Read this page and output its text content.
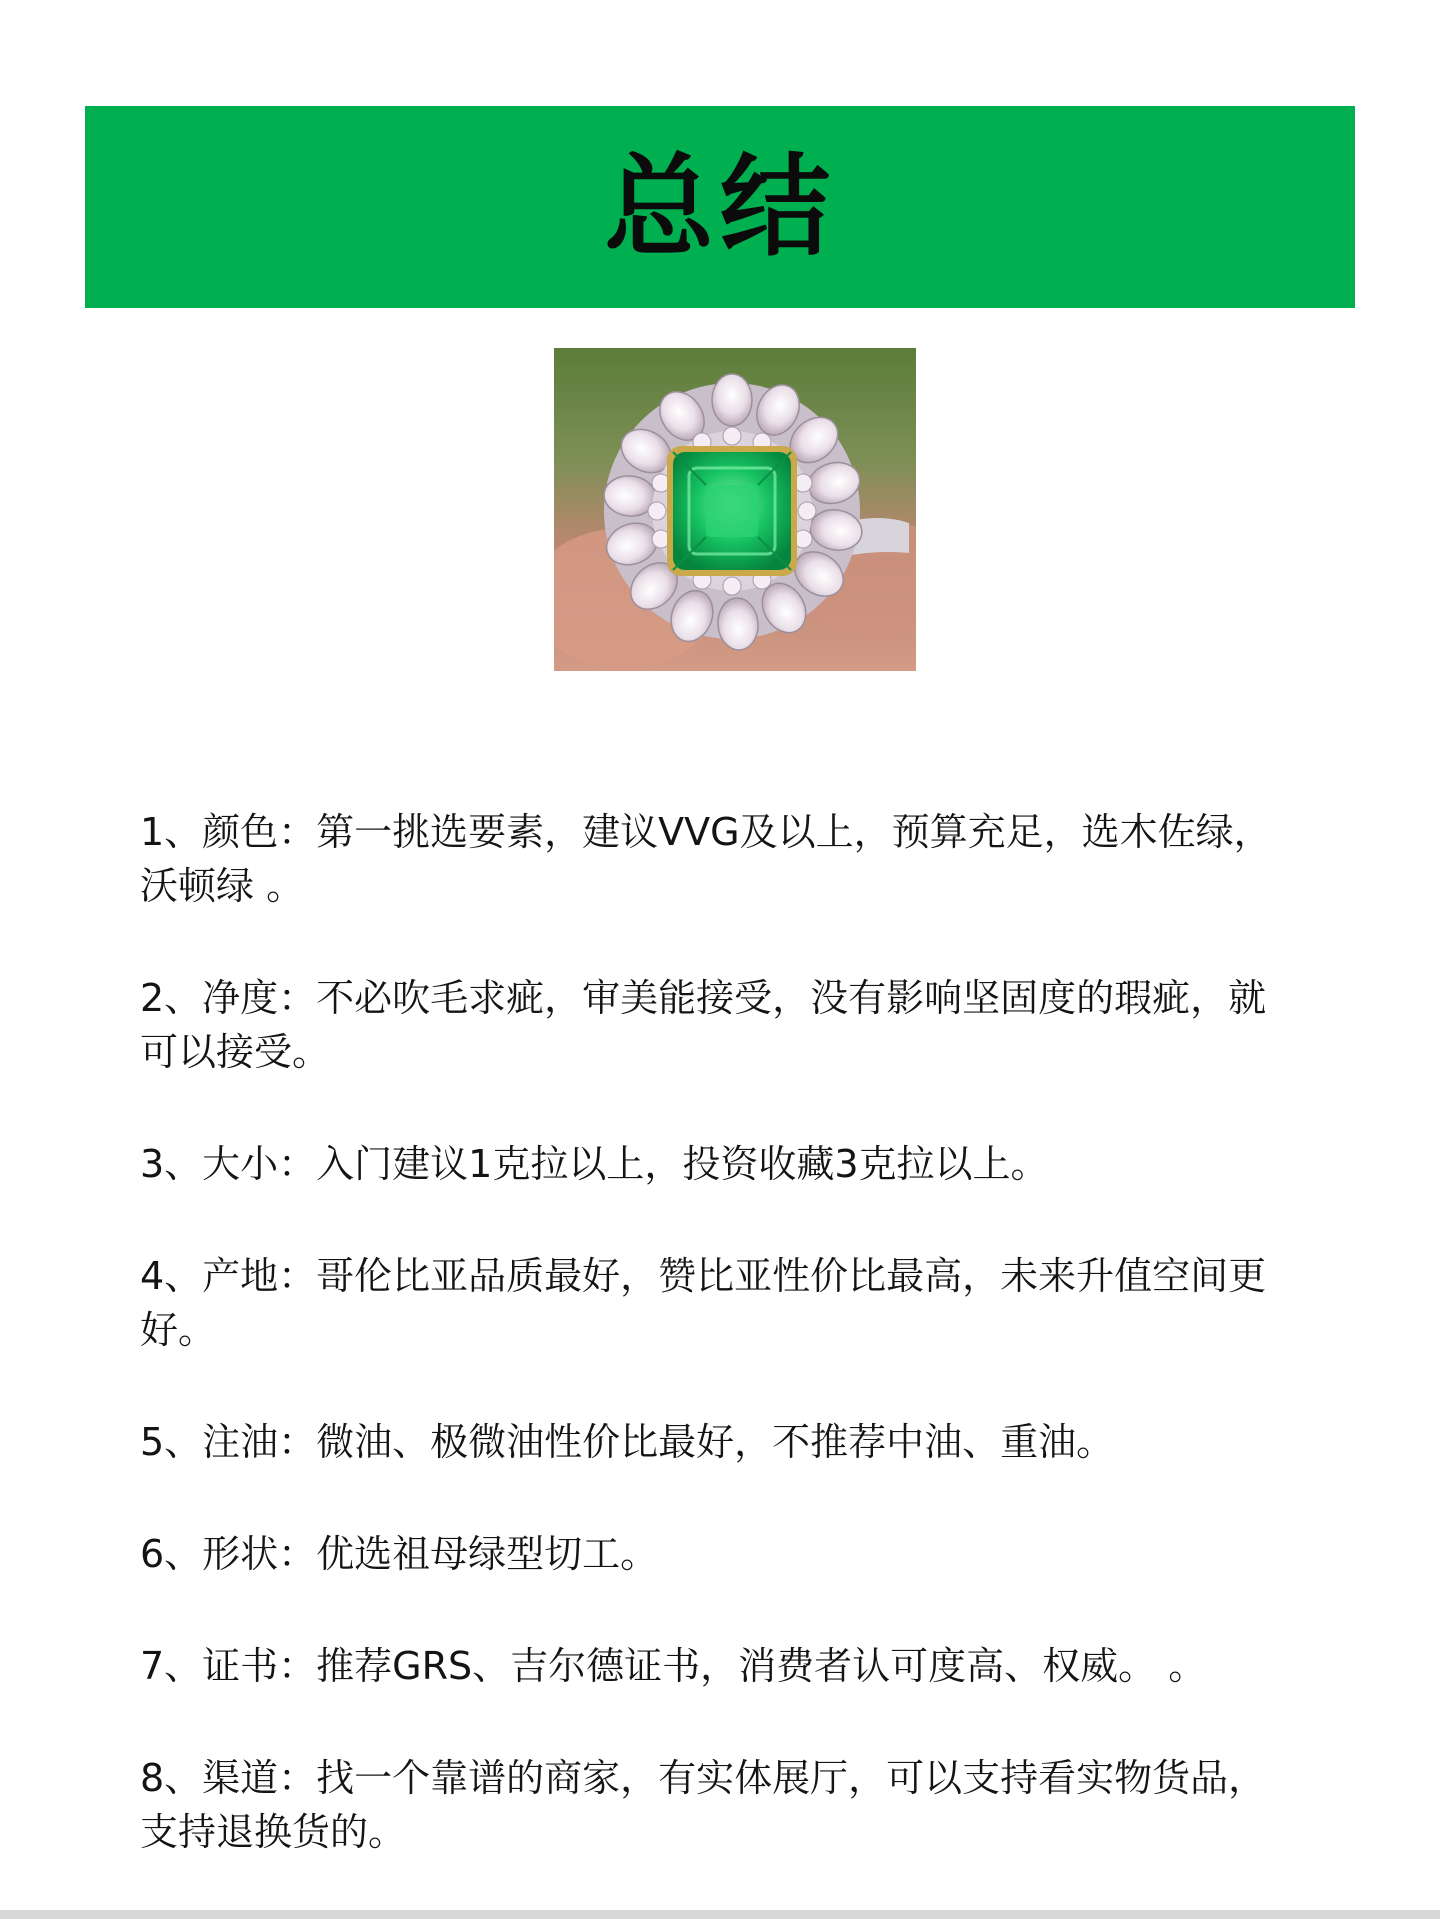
总结

1、颜色：第一挑选要素，建议VVG及以上，预算充足，选木佐绿，沃顿绿 。

2、净度：不必吹毛求疵，审美能接受，没有影响坚固度的瑕疵，就可以接受。

3、大小：入门建议1克拉以上，投资收藏3克拉以上。

4、产地：哥伦比亚品质最好，赞比亚性价比最高，未来升值空间更好。

5、注油：微油、极微油性价比最好，不推荐中油、重油。

6、形状：优选祖母绿型切工。

7、证书：推荐GRS、吉尔德证书，消费者认可度高、权威。 。

8、渠道：找一个靠谱的商家，有实体展厅，可以支持看实物货品，支持退换货的。
